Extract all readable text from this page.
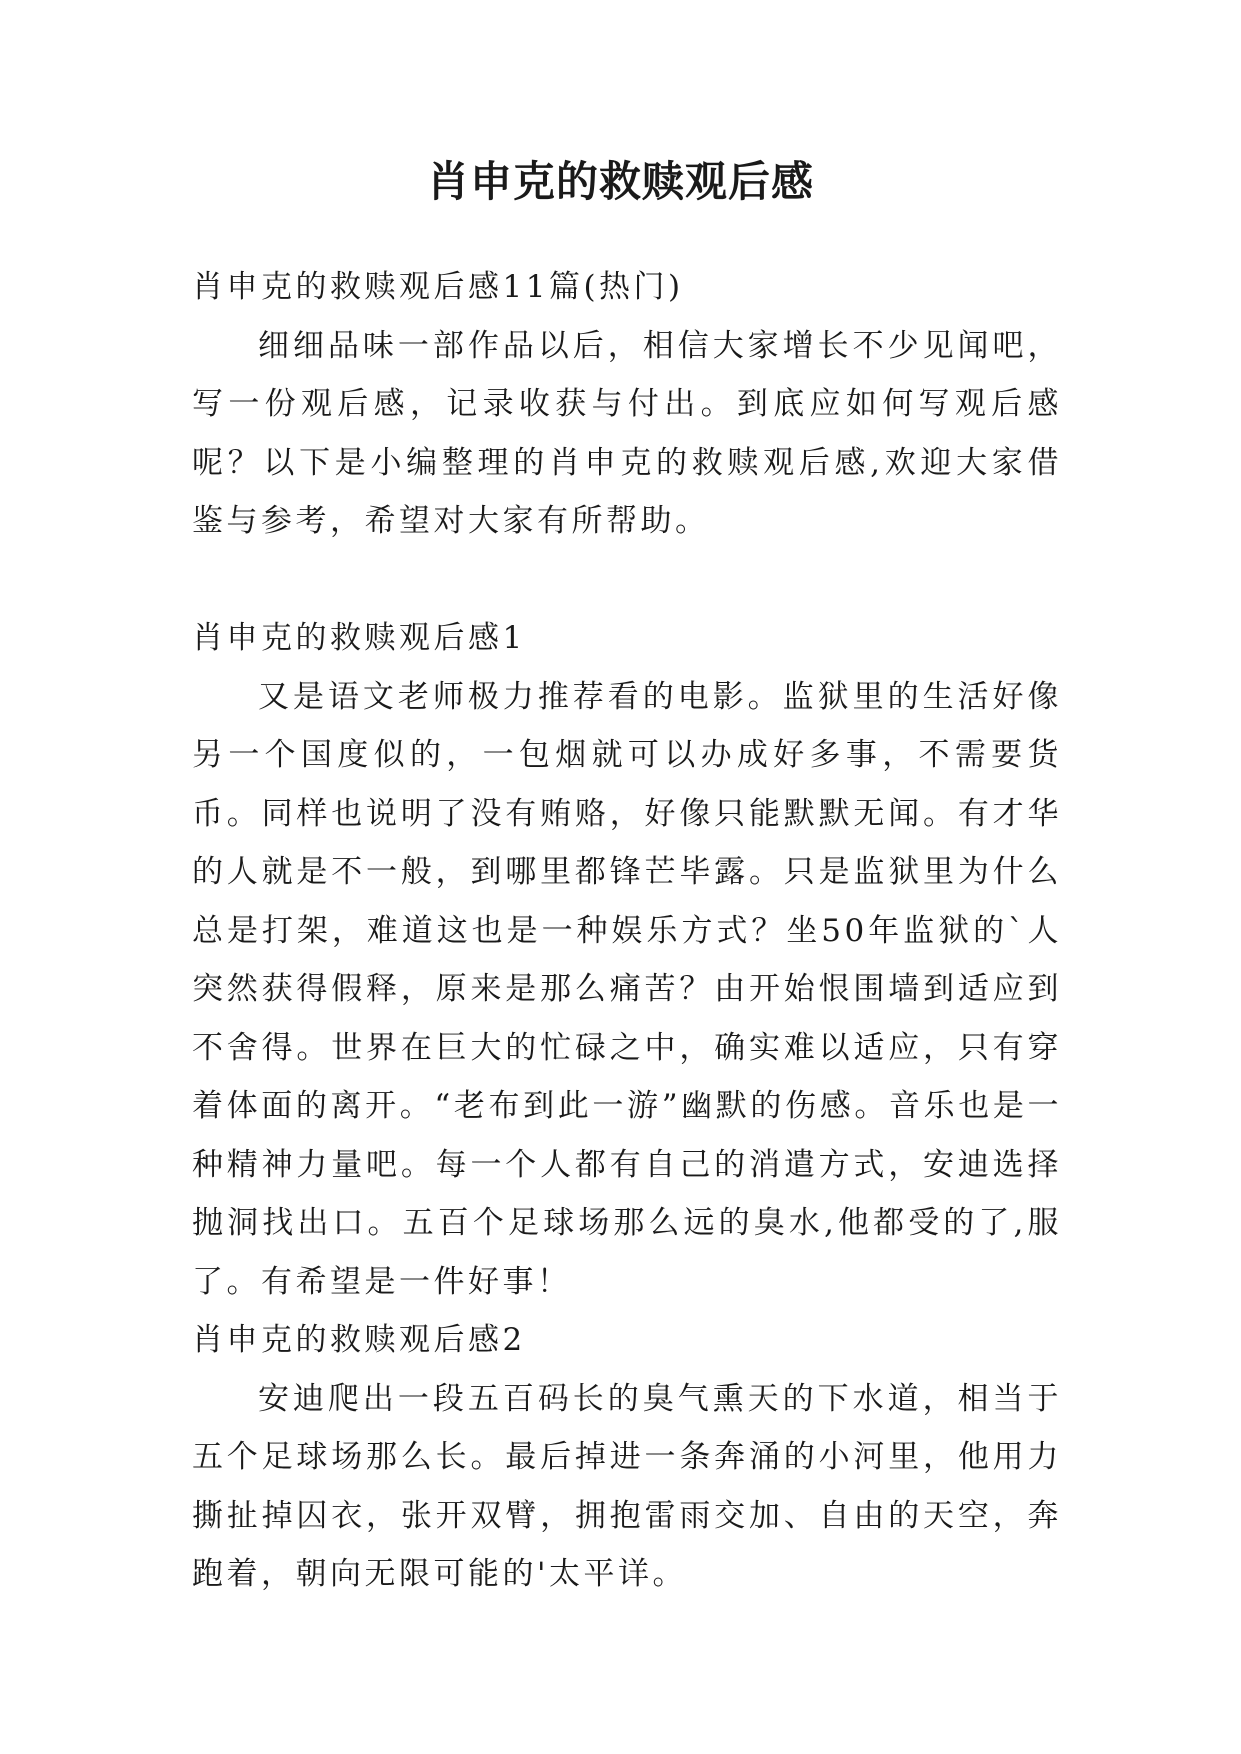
肖申克的救赎观后感

肖申克的救赎观后感11篇(热门)

细细品味一部作品以后，相信大家增长不少见闻吧，写一份观后感，记录收获与付出。到底应如何写观后感呢？以下是小编整理的肖申克的救赎观后感,欢迎大家借鉴与参考，希望对大家有所帮助。

肖申克的救赎观后感1

又是语文老师极力推荐看的电影。监狱里的生活好像另一个国度似的，一包烟就可以办成好多事，不需要货币。同样也说明了没有贿赂，好像只能默默无闻。有才华的人就是不一般，到哪里都锋芒毕露。只是监狱里为什么总是打架，难道这也是一种娱乐方式？坐50年监狱的`人突然获得假释，原来是那么痛苦？由开始恨围墙到适应到不舍得。世界在巨大的忙碌之中，确实难以适应，只有穿着体面的离开。“老布到此一游”幽默的伤感。音乐也是一种精神力量吧。每一个人都有自己的消遣方式，安迪选择抛洞找出口。五百个足球场那么远的臭水,他都受的了,服了。有希望是一件好事！

肖申克的救赎观后感2

安迪爬出一段五百码长的臭气熏天的下水道，相当于五个足球场那么长。最后掉进一条奔涌的小河里，他用力撕扯掉囚衣，张开双臂，拥抱雷雨交加、自由的天空，奔跑着，朝向无限可能的'太平详。
